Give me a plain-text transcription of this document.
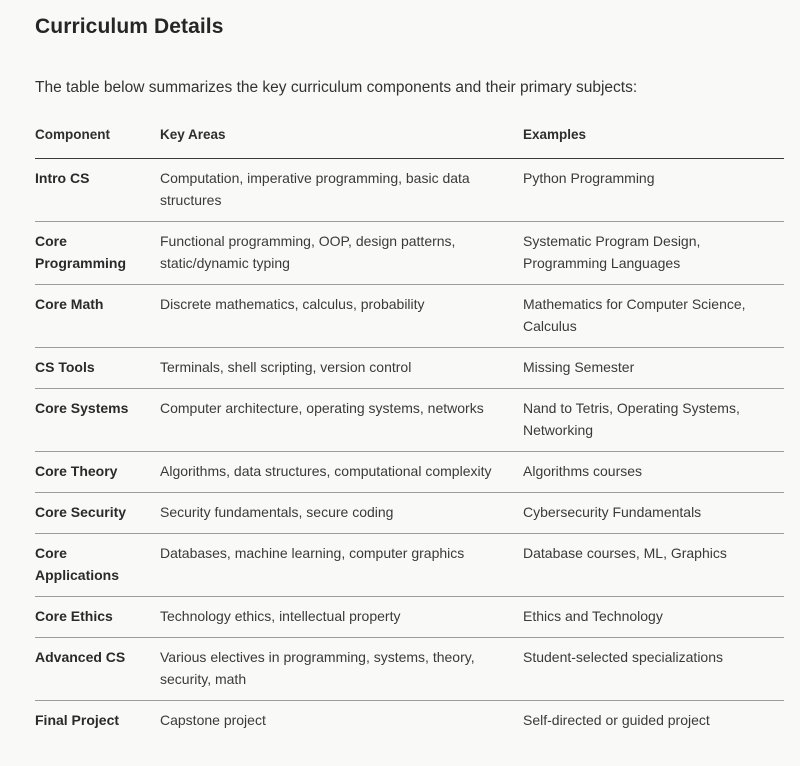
Curriculum Details

The table below summarizes the key curriculum components and their primary subjects:

Component	Key Areas	Examples
Intro CS	Computation, imperative programming, basic data structures	Python Programming
Core Programming	Functional programming, OOP, design patterns, static/dynamic typing	Systematic Program Design, Programming Languages
Core Math	Discrete mathematics, calculus, probability	Mathematics for Computer Science, Calculus
CS Tools	Terminals, shell scripting, version control	Missing Semester
Core Systems	Computer architecture, operating systems, networks	Nand to Tetris, Operating Systems, Networking
Core Theory	Algorithms, data structures, computational complexity	Algorithms courses
Core Security	Security fundamentals, secure coding	Cybersecurity Fundamentals
Core Applications	Databases, machine learning, computer graphics	Database courses, ML, Graphics
Core Ethics	Technology ethics, intellectual property	Ethics and Technology
Advanced CS	Various electives in programming, systems, theory, security, math	Student-selected specializations
Final Project	Capstone project	Self-directed or guided project
